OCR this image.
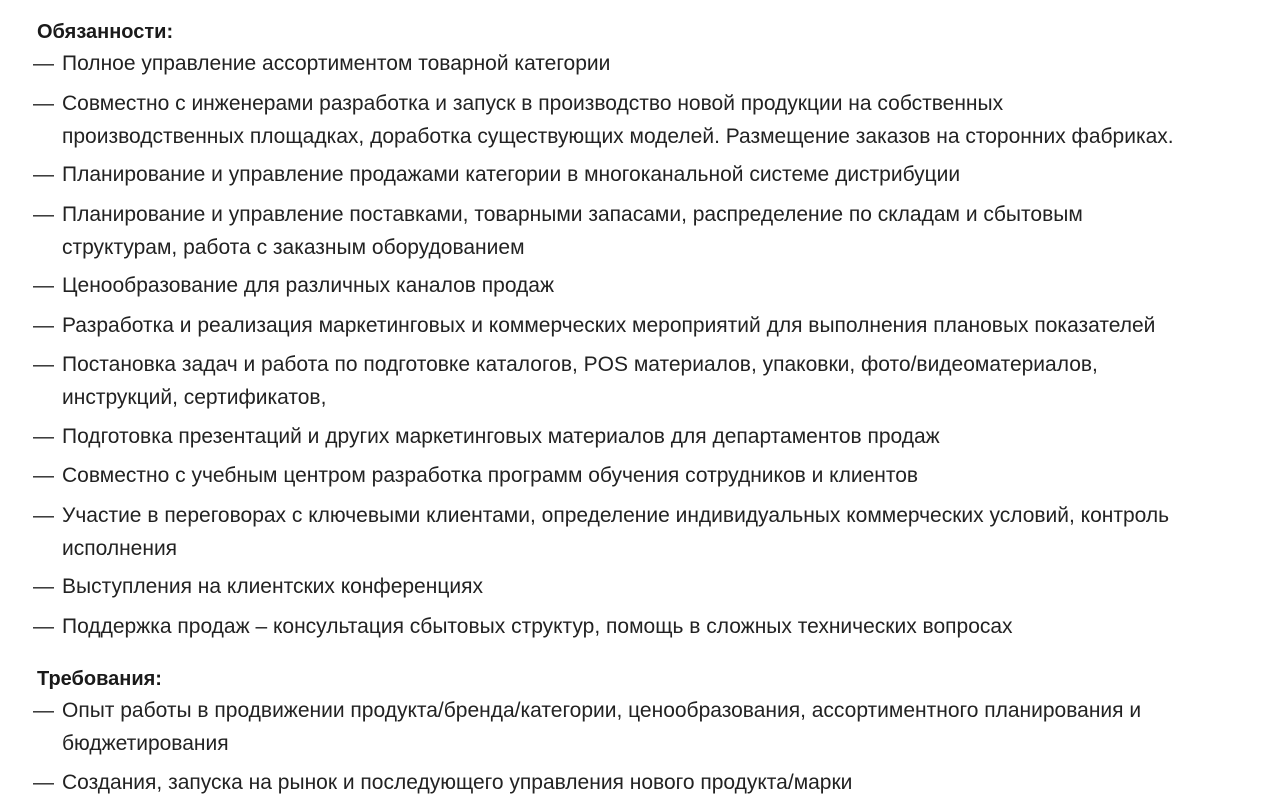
Обязанности:
— Полное управление ассортиментом товарной категории
— Совместно с инженерами разработка и запуск в производство новой продукции на собственных
производственных площадках, доработка существующих моделей. Размещение заказов на сторонних фабриках.
— Планирование и управление продажами категории в многоканальной системе дистрибуции
— Планирование и управление поставками, товарными запасами, распределение по складам и сбытовым
структурам, работа с заказным оборудованием
— Ценообразование для различных каналов продаж
— Разработка и реализация маркетинговых и коммерческих мероприятий для выполнения плановых показателей
— Постановка задач и работа по подготовке каталогов, POS материалов, упаковки, фото/видеоматериалов,
инструкций, сертификатов,
— Подготовка презентаций и других маркетинговых материалов для департаментов продаж
— Совместно с учебным центром разработка программ обучения сотрудников и клиентов
— Участие в переговорах с ключевыми клиентами, определение индивидуальных коммерческих условий, контроль
исполнения
— Выступления на клиентских конференциях
— Поддержка продаж – консультация сбытовых структур, помощь в сложных технических вопросах
Требования:
— Опыт работы в продвижении продукта/бренда/категории, ценообразования, ассортиментного планирования и
бюджетирования
— Создания, запуска на рынок и последующего управления нового продукта/марки
